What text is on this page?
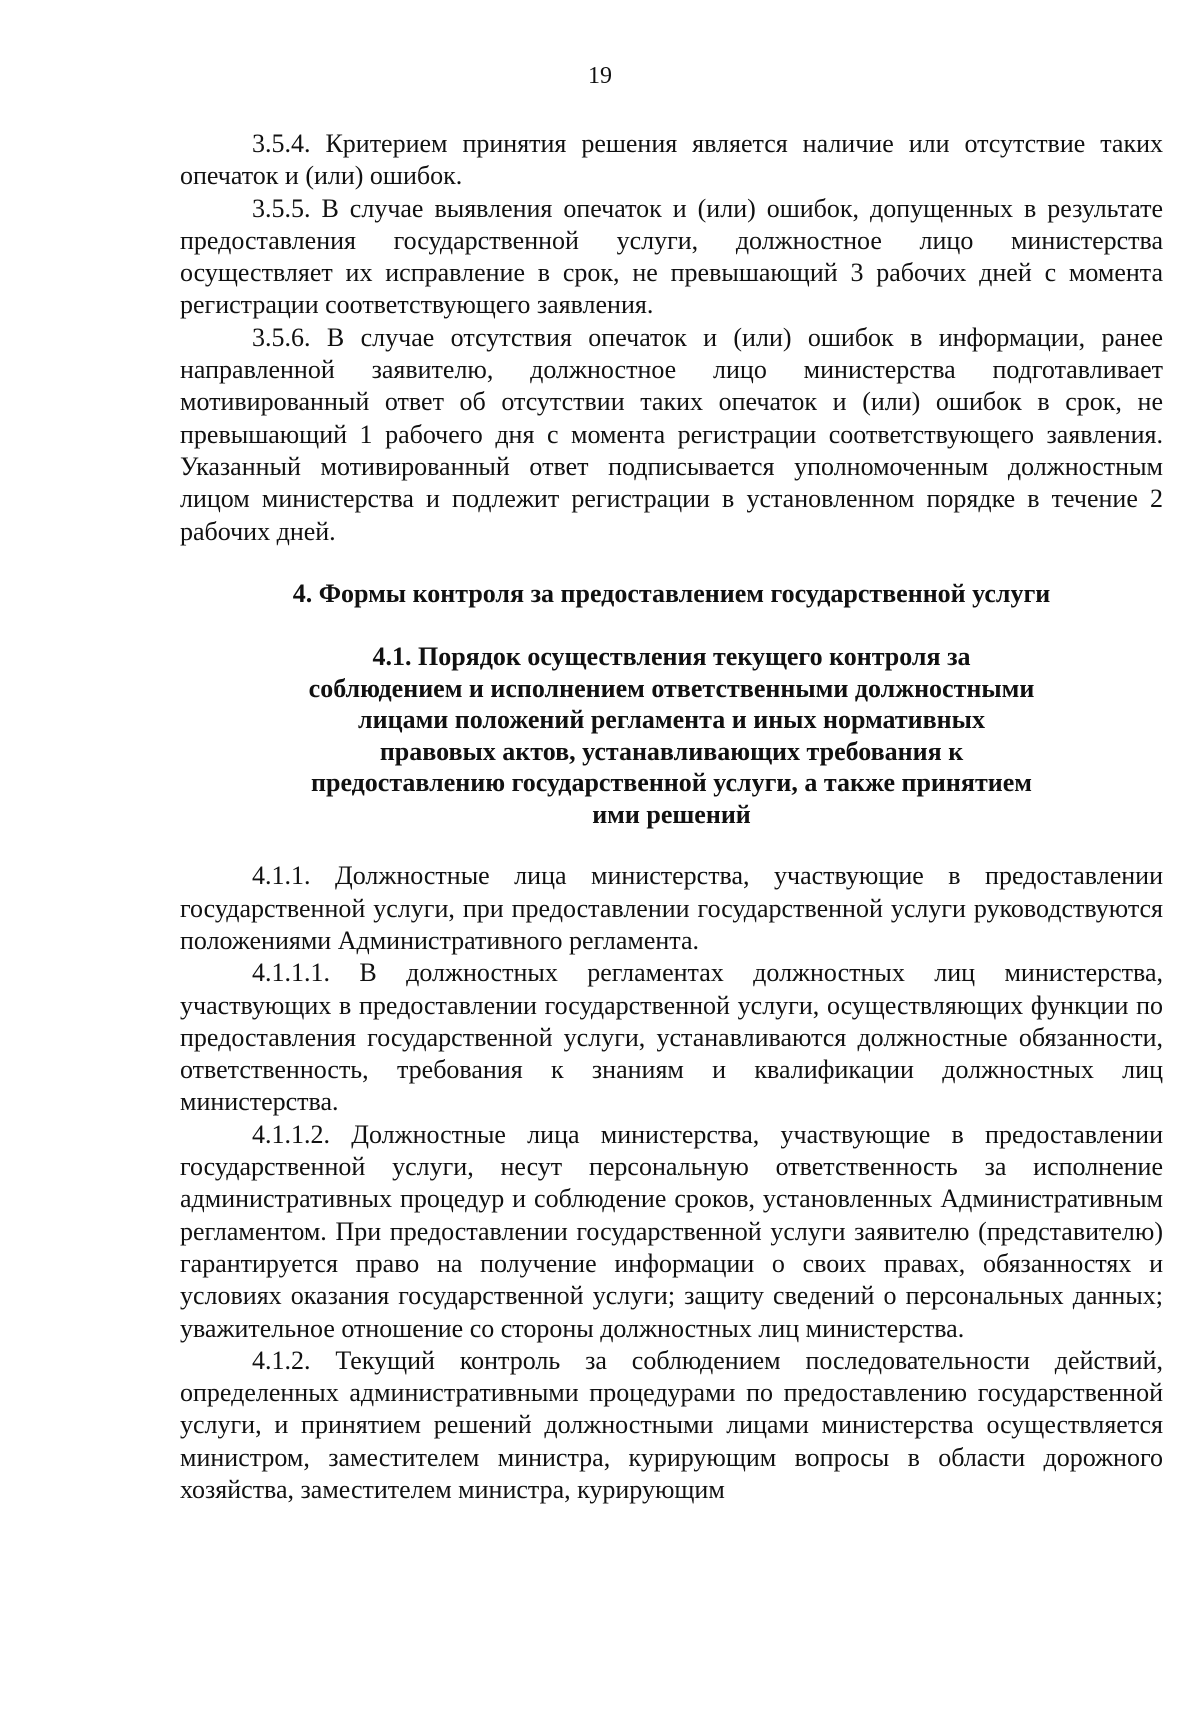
19

3.5.4. Критерием принятия решения является наличие или отсутствие таких опечаток и (или) ошибок.

3.5.5. В случае выявления опечаток и (или) ошибок, допущенных в результате предоставления государственной услуги, должностное лицо министерства осуществляет их исправление в срок, не превышающий 3 рабочих дней с момента регистрации соответствующего заявления.

3.5.6. В случае отсутствия опечаток и (или) ошибок в информации, ранее направленной заявителю, должностное лицо министерства подготавливает мотивированный ответ об отсутствии таких опечаток и (или) ошибок в срок, не превышающий 1 рабочего дня с момента регистрации соответствующего заявления. Указанный мотивированный ответ подписывается уполномоченным должностным лицом министерства и подлежит регистрации в установленном порядке в течение 2 рабочих дней.

4. Формы контроля за предоставлением государственной услуги

4.1. Порядок осуществления текущего контроля за соблюдением и исполнением ответственными должностными лицами положений регламента и иных нормативных правовых актов, устанавливающих требования к предоставлению государственной услуги, а также принятием ими решений

4.1.1. Должностные лица министерства, участвующие в предоставлении государственной услуги, при предоставлении государственной услуги руководствуются положениями Административного регламента.

4.1.1.1. В должностных регламентах должностных лиц министерства, участвующих в предоставлении государственной услуги, осуществляющих функции по предоставления государственной услуги, устанавливаются должностные обязанности, ответственность, требования к знаниям и квалификации должностных лиц министерства.

4.1.1.2. Должностные лица министерства, участвующие в предоставлении государственной услуги, несут персональную ответственность за исполнение административных процедур и соблюдение сроков, установленных Административным регламентом. При предоставлении государственной услуги заявителю (представителю) гарантируется право на получение информации о своих правах, обязанностях и условиях оказания государственной услуги; защиту сведений о персональных данных; уважительное отношение со стороны должностных лиц министерства.

4.1.2. Текущий контроль за соблюдением последовательности действий, определенных административными процедурами по предоставлению государственной услуги, и принятием решений должностными лицами министерства осуществляется министром, заместителем министра, курирующим вопросы в области дорожного хозяйства, заместителем министра, курирующим
